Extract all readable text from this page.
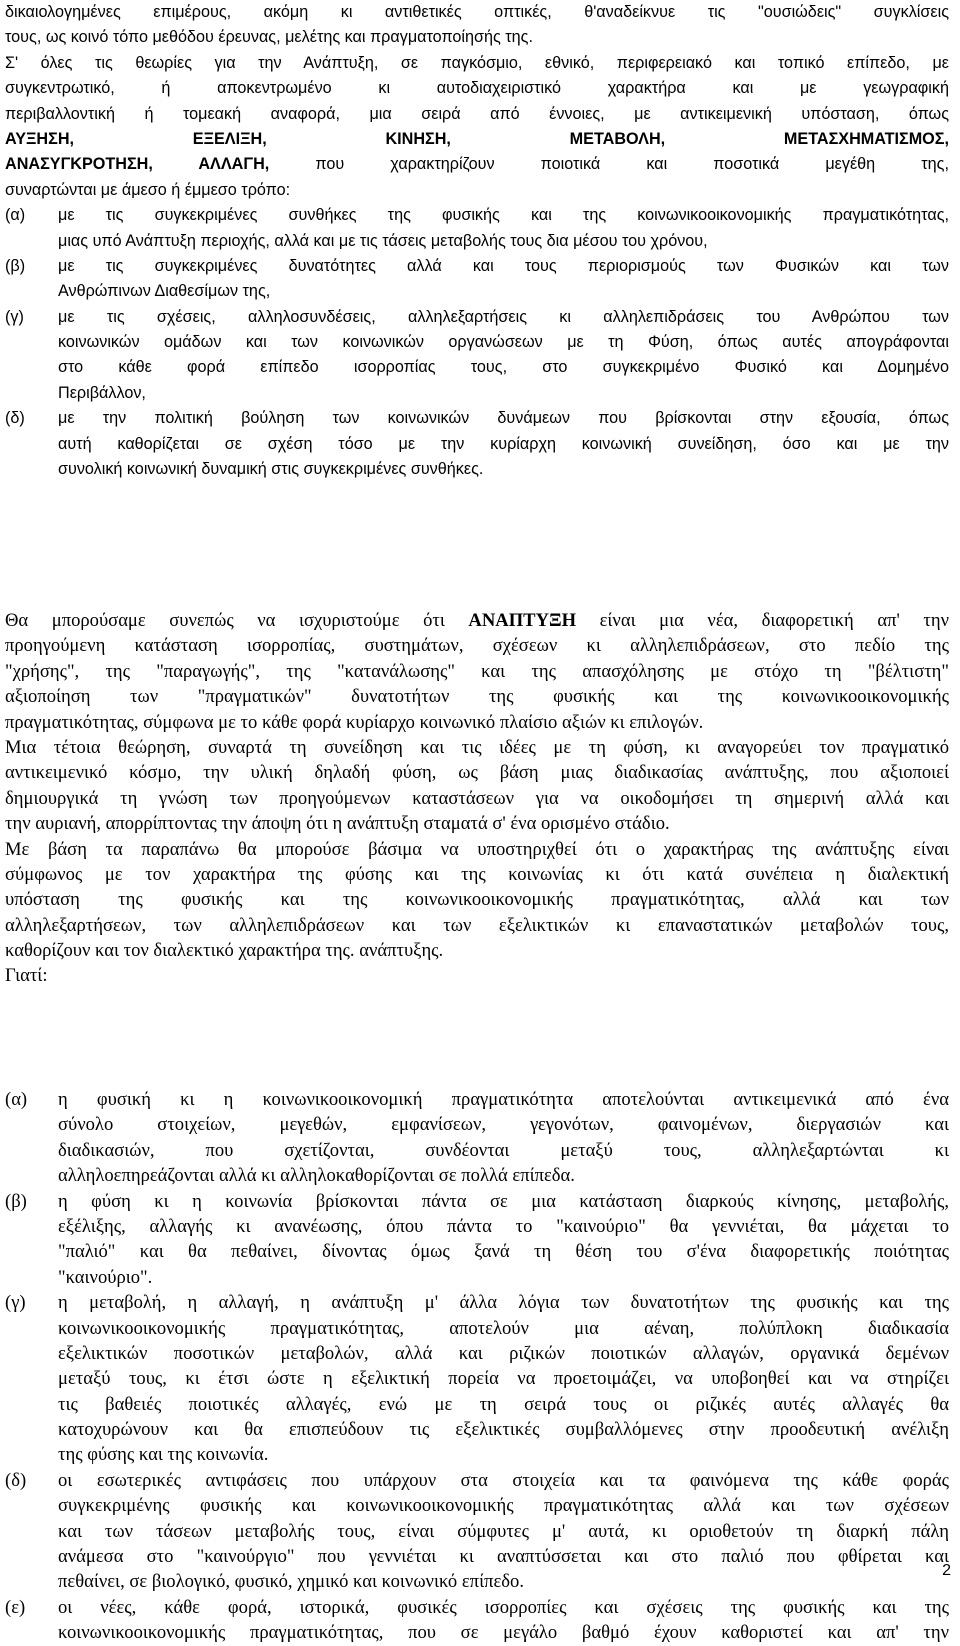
δικαιολογημένες επιμέρους, ακόμη κι αντιθετικές οπτικές, θ'αναδείκνυε τις "ουσιώδεις" συγκλίσεις
τους, ως κοινό τόπο μεθόδου έρευνας, μελέτης και πραγματοποίησής της.
Σ' όλες τις θεωρίες για την Ανάπτυξη, σε παγκόσμιο, εθνικό, περιφερειακό και τοπικό επίπεδο, με
συγκεντρωτικό, ή αποκεντρωμένο κι αυτοδιαχειριστικό χαρακτήρα και με γεωγραφική
περιβαλλοντική ή τομεακή αναφορά, μια σειρά από έννοιες, με αντικειμενική υπόσταση, όπως
ΑΥΞΗΣΗ, ΕΞΕΛΙΞΗ, ΚΙΝΗΣΗ, ΜΕΤΑΒΟΛΗ, ΜΕΤΑΣΧΗΜΑΤΙΣΜΟΣ,
ΑΝΑΣΥΓΚΡΟΤΗΣΗ, ΑΛΛΑΓΗ,	που χαρακτηρίζουν ποιοτικά και ποσοτικά μεγέθη της,
συναρτώνται με άμεσο ή έμμεσο τρόπο:
(α) με τις συγκεκριμένες συνθήκες της φυσικής και της κοινωνικοοικονομικής πραγματικότητας,
μιας υπό Ανάπτυξη περιοχής, αλλά και με τις τάσεις μεταβολής τους δια μέσου του χρόνου,
(β) με τις συγκεκριμένες δυνατότητες αλλά και τους περιορισμούς των Φυσικών και των
Ανθρώπινων Διαθεσίμων της,
(γ) με τις σχέσεις, αλληλοσυνδέσεις, αλληλεξαρτήσεις κι αλληλεπιδράσεις του Ανθρώπου των
κοινωνικών ομάδων και των κοινωνικών οργανώσεων με τη Φύση, όπως αυτές απογράφονται
στο κάθε φορά επίπεδο ισορροπίας τους, στο συγκεκριμένο Φυσικό και Δομημένο
Περιβάλλον,
(δ) με την πολιτική βούληση των κοινωνικών δυνάμεων που βρίσκονται στην εξουσία, όπως
αυτή καθορίζεται σε σχέση τόσο με την κυρίαρχη κοινωνική συνείδηση, όσο και με την
συνολική κοινωνική δυναμική στις συγκεκριμένες συνθήκες.
Θα μπορούσαμε συνεπώς να ισχυριστούμε ότι ΑΝΑΠΤΥΞΗ είναι μια νέα, διαφορετική απ' την
προηγούμενη κατάσταση ισορροπίας, συστημάτων, σχέσεων κι αλληλεπιδράσεων, στο πεδίο της
"χρήσης", της "παραγωγής", της "κατανάλωσης" και της απασχόλησης με στόχο τη "βέλτιστη"
αξιοποίηση των "πραγματικών" δυνατοτήτων της φυσικής και της κοινωνικοοικονομικής
πραγματικότητας, σύμφωνα με το κάθε φορά κυρίαρχο κοινωνικό πλαίσιο αξιών κι επιλογών.
Μια τέτοια θεώρηση, συναρτά τη συνείδηση και τις ιδέες με τη φύση, κι αναγορεύει τον πραγματικό
αντικειμενικό κόσμο, την υλική δηλαδή φύση, ως βάση μιας διαδικασίας ανάπτυξης, που αξιοποιεί
δημιουργικά τη γνώση των προηγούμενων καταστάσεων για να οικοδομήσει τη σημερινή αλλά και
την αυριανή, απορρίπτοντας την άποψη ότι η ανάπτυξη σταματά σ' ένα ορισμένο στάδιο.
Με βάση τα παραπάνω θα μπορούσε βάσιμα να υποστηριχθεί ότι ο χαρακτήρας της ανάπτυξης είναι
σύμφωνος με τον χαρακτήρα της φύσης και της κοινωνίας κι ότι κατά συνέπεια η διαλεκτική
υπόσταση της φυσικής και της κοινωνικοοικονομικής πραγματικότητας, αλλά και των
αλληλεξαρτήσεων, των αλληλεπιδράσεων και των εξελικτικών κι επαναστατικών μεταβολών τους,
καθορίζουν και τον διαλεκτικό χαρακτήρα της. ανάπτυξης.
Γιατί:
(α) η φυσική κι η κοινωνικοοικονομική πραγματικότητα αποτελούνται αντικειμενικά από ένα
σύνολο στοιχείων, μεγεθών, εμφανίσεων, γεγονότων, φαινομένων, διεργασιών και
διαδικασιών, που σχετίζονται, συνδέονται μεταξύ τους, αλληλεξαρτώνται κι
αλληλοεπηρεάζονται αλλά κι αλληλοκαθορίζονται σε πολλά επίπεδα.
(β) η φύση κι η κοινωνία βρίσκονται πάντα σε μια κατάσταση διαρκούς κίνησης, μεταβολής,
εξέλιξης, αλλαγής κι ανανέωσης, όπου πάντα το "καινούριο" θα γεννιέται, θα μάχεται το
"παλιό" και θα πεθαίνει, δίνοντας όμως ξανά τη θέση του σ'ένα διαφορετικής ποιότητας
"καινούριο".
(γ) η μεταβολή, η αλλαγή, η ανάπτυξη μ' άλλα λόγια των δυνατοτήτων της φυσικής και της
κοινωνικοοικονομικής πραγματικότητας, αποτελούν μια αέναη, πολύπλοκη διαδικασία
εξελικτικών ποσοτικών μεταβολών, αλλά και ριζικών ποιοτικών αλλαγών, οργανικά δεμένων
μεταξύ τους, κι έτσι ώστε η εξελικτική πορεία να προετοιμάζει, να υποβοηθεί και να στηρίζει
τις βαθειές ποιοτικές αλλαγές, ενώ με τη σειρά τους οι ριζικές αυτές αλλαγές θα
κατοχυρώνουν και θα επισπεύδουν τις εξελικτικές συμβαλλόμενες στην προοδευτική ανέλιξη
της φύσης και της κοινωνία.
(δ) οι εσωτερικές αντιφάσεις που υπάρχουν στα στοιχεία και τα φαινόμενα της κάθε φοράς
συγκεκριμένης φυσικής και κοινωνικοοικονομικής πραγματικότητας αλλά και των σχέσεων
και των τάσεων μεταβολής τους, είναι σύμφυτες μ' αυτά, κι οριοθετούν τη διαρκή πάλη
ανάμεσα στο "καινούργιο" που γεννιέται κι αναπτύσσεται και στο παλιό που φθίρεται και
πεθαίνει, σε βιολογικό, φυσικό, χημικό και κοινωνικό επίπεδο.
(ε) οι νέες, κάθε φορά, ιστορικά, φυσικές ισορροπίες και σχέσεις της φυσικής και της
κοινωνικοοικονομικής πραγματικότητας, που σε μεγάλο βαθμό έχουν καθοριστεί και απ' την
2
